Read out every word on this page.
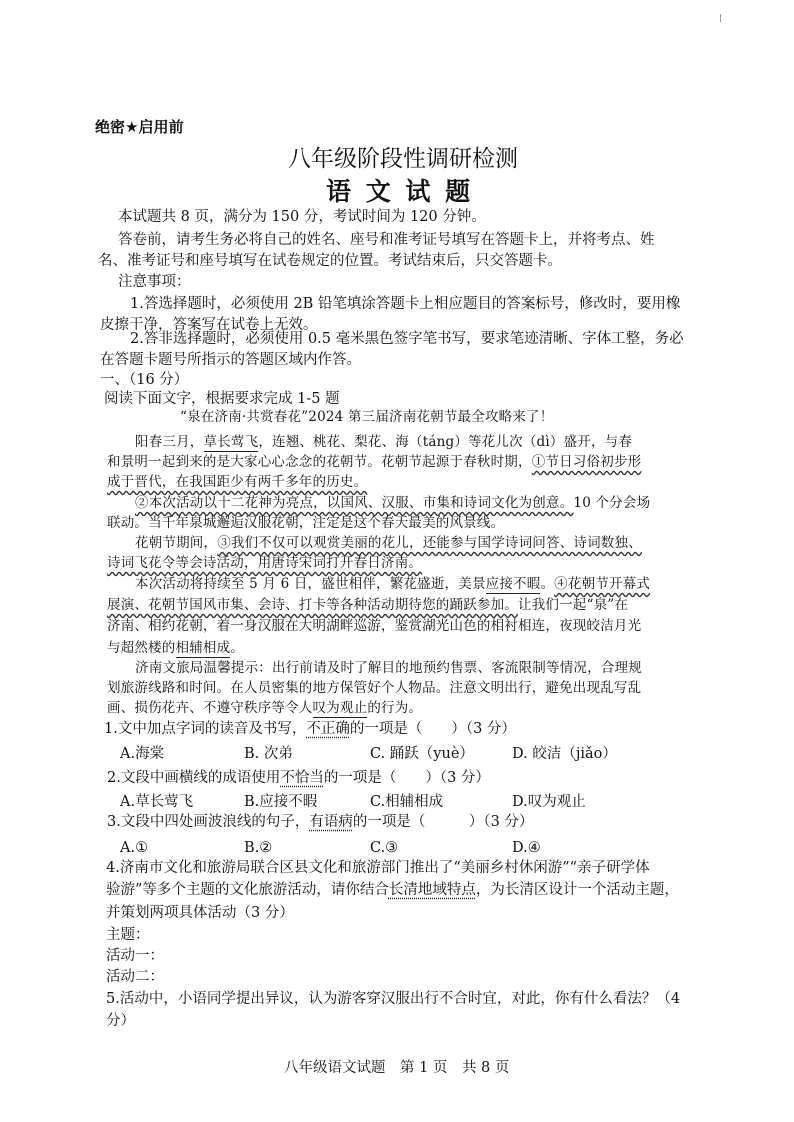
绝密★启用前
八年级阶段性调研检测
语 文 试 题
本试题共 8 页，满分为 150 分，考试时间为 120 分钟。
答卷前，请考生务必将自己的姓名、座号和准考证号填写在答题卡上，并将考点、姓
名、准考证号和座号填写在试卷规定的位置。考试结束后，只交答题卡。
注意事项：
1.答选择题时，必须使用 2B 铅笔填涂答题卡上相应题目的答案标号，修改时，要用橡
皮擦干净，答案写在试卷上无效。
2.答非选择题时，必须使用 0.5 毫米黑色签字笔书写，要求笔迹清晰、字体工整，务必
在答题卡题号所指示的答题区域内作答。
一、（16 分）
阅读下面文字，根据要求完成 1-5 题
“泉在济南·共赏春花”2024 第三届济南花朝节最全攻略来了！
阳春三月，草长莺飞，连翘、桃花、梨花、海（táng）等花儿次（dì）盛开，与春
和景明一起到来的是大家心心念念的花朝节。花朝节起源于春秋时期，①节日习俗初步形
成于晋代，在我国距少有两千多年的历史。
②本次活动以十二花神为亮点，以国风、汉服、市集和诗词文化为创意。10 个分会场
联动。当千年泉城邂逅汉服花朝，注定是这个春天最美的风景线。
花朝节期间，③我们不仅可以观赏美丽的花儿，还能参与国学诗词问答、诗词数独、
诗词飞花令等会诗活动，用唐诗宋词打开春日济南。
本次活动将持续至 5 月 6 日，盛世相伴，繁花盛逝，美景应接不暇。④花朝节开幕式
展演、花朝节国风市集、会诗、打卡等各种活动期待您的踊跃参加。让我们一起“泉”在
济南、相约花朝，着一身汉服在大明湖畔巡游，鉴赏湖光山色的相衬相连，夜现皎洁月光
与超然楼的相辅相成。
济南文旅局温馨提示：出行前请及时了解目的地预约售票、客流限制等情况，合理规
划旅游线路和时间。在人员密集的地方保管好个人物品。注意文明出行，避免出现乱写乱
画、损伤花卉、不遵守秩序等令人叹为观止的行为。
1.文中加点字词的读音及书写，不正确的一项是（　　）（3 分）
A.海棠	B. 次弟	C. 踊跃（yuè）	D. 皎洁（jiǎo）
2.文段中画横线的成语使用不恰当的一项是（　　）（3 分）
A.草长莺飞	B.应接不暇	C.相辅相成	D.叹为观止
3.文段中四处画波浪线的句子，有语病的一项是（　　　）（3 分）
A.①	B.②	C.③	D.④
4.济南市文化和旅游局联合区县文化和旅游部门推出了“美丽乡村休闲游”“亲子研学体
验游”等多个主题的文化旅游活动，请你结合长清地域特点，为长清区设计一个活动主题，
并策划两项具体活动（3 分）
主题：
活动一：
活动二：
5.活动中，小语同学提出异议，认为游客穿汉服出行不合时宜，对此，你有什么看法？（4
分）
八年级语文试题　第 1 页　共 8 页
